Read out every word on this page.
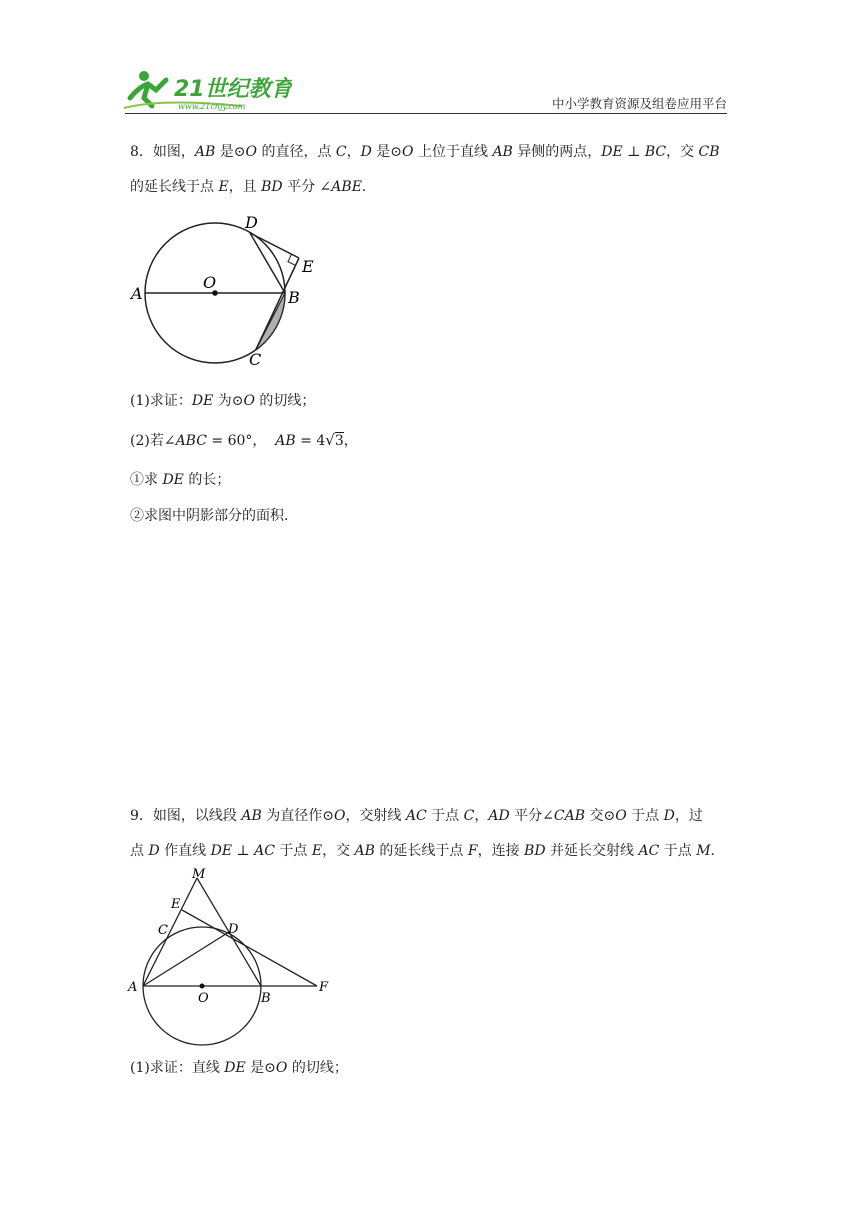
21世纪教育
www.21cnjy.com	中小学教育资源及组卷应用平台
8．如图，AB 是⊙O 的直径，点 C，D 是⊙O 上位于直线 AB 异侧的两点，DE ⊥ BC，交 CB
的延长线于点 E，且 BD 平分 ∠ABE．
A
O
B
C
D
E
(1)求证：DE 为⊙O 的切线；
(2)若∠ABC = 60°， AB = 4√3，
①求 DE 的长；
②求图中阴影部分的面积．
9．如图，以线段 AB 为直径作⊙O，交射线 AC 于点 C，AD 平分∠CAB 交⊙O 于点 D，过
点 D 作直线 DE ⊥ AC 于点 E，交 AB 的延长线于点 F，连接 BD 并延长交射线 AC 于点 M.
M
E
C	D
A
O	B
F
(1)求证：直线 DE 是⊙O 的切线；
